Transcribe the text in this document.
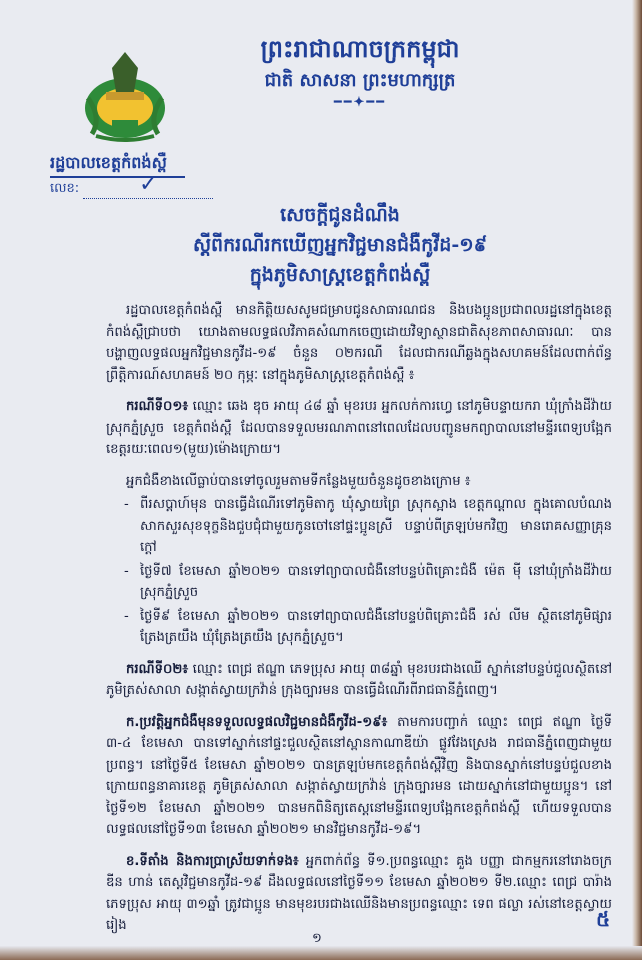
ព្រះរាជាណាចក្រកម្ពុជា
ជាតិ សាសនា ព្រះមហាក្សត្រ
━━✦━━
រដ្ឋបាលខេត្តកំពង់ស្ពឺ
លេខ:	✓
សេចក្តីជូនដំណឹង
ស្តីពីករណីរកឃើញអ្នកវិជ្ជមានជំងឺកូវីដ-១៩
ក្នុងភូមិសាស្ត្រខេត្តកំពង់ស្ពឺ

រដ្ឋបាលខេត្តកំពង់ស្ពឺ មានកិត្តិយសសូមជម្រាបជូនសាធារណជន និងបងប្អូនប្រជាពលរដ្ឋនៅក្នុងខេត្តកំពង់ស្ពឺជ្រាបថា យោងតាមលទ្ធផលវិភាគសំណាកចេញដោយវិទ្យាស្ថានជាតិសុខភាពសាធារណៈ បានបង្ហាញលទ្ធផលអ្នកវិជ្ជមានកូវីដ-១៩ ចំនួន ០២ករណី ដែលជាករណីឆ្លងក្នុងសហគមន៍ដែលពាក់ព័ន្ធព្រឹត្តិការណ៍សហគមន៍ ២០ កុម្ភៈ នៅក្នុងភូមិសាស្ត្រខេត្តកំពង់ស្ពឺ ៖

ករណីទី០១៖ ឈ្មោះ ឆេង ឌុច អាយុ ៤៨ ឆ្នាំ មុខរបរ អ្នកលក់ការហ្វេ នៅភូមិបន្ទាយករា ឃុំក្រាំងដីវ៉ាយ ស្រុកភ្នំស្រួច ខេត្តកំពង់ស្ពឺ ដែលបានទទួលមរណភាពនៅពេលដែលបញ្ជូនមកព្យាបាលនៅមន្ទីរពេទ្យបង្អែកខេត្តរយៈពេល១(មួយ)ម៉ោងក្រោយ។

អ្នកជំងឺខាងលើធ្លាប់បានទៅចូលរួមតាមទីកន្លែងមួយចំនួនដូចខាងក្រោម ៖

- ពីរសប្តាហ៍មុន បានធ្វើដំណើរទៅភូមិតាកូ ឃុំស្វាយព្រៃ ស្រុកស្អាង ខេត្តកណ្តាល ក្នុងគោលបំណងសាកសួរសុខទុក្ខនិងជួបជុំជាមួយកូនចៅនៅផ្ទះប្អូនស្រី បន្ទាប់ពីត្រឡប់មកវិញ មានរោគសញ្ញាគ្រុនក្តៅ
- ថ្ងៃទី៧ ខែមេសា ឆ្នាំ២០២១ បានទៅព្យាបាលជំងឺនៅបន្ទប់ពិគ្រោះជំងឺ ម៉េត ម៉ី នៅឃុំក្រាំងដីវ៉ាយ ស្រុកភ្នំស្រួច
- ថ្ងៃទី៩ ខែមេសា ឆ្នាំ២០២១ បានទៅព្យាបាលជំងឺនៅបន្ទប់ពិគ្រោះជំងឺ រស់ លីម ស្ថិតនៅភូមិផ្សារត្រែងត្រយឹង ឃុំត្រែងត្រយឹង ស្រុកភ្នំស្រួច។

ករណីទី០២៖ ឈ្មោះ ពេជ្រ ឥណ្ឌា ភេទប្រុស អាយុ ៣៨ឆ្នាំ មុខរបរជាងឈើ ស្នាក់នៅបន្ទប់ជួលស្ថិតនៅភូមិត្រស់សាលា សង្កាត់ស្វាយក្រវ៉ាន់ ក្រុងច្បារមន បានធ្វើដំណើរពីរាជធានីភ្នំពេញ។

ក.ប្រវត្តិអ្នកជំងឺមុនទទួលលទ្ធផលវិជ្ជមានជំងឺកូវីដ-១៩៖ តាមការបញ្ជាក់ ឈ្មោះ ពេជ្រ ឥណ្ឌា ថ្ងៃទី ៣-៤ ខែមេសា បានទៅស្នាក់នៅផ្ទះជួលស្ថិតនៅស្ពានកាណាឌីយ៉ា ផ្លូវវែងស្រេង រាជធានីភ្នំពេញជាមួយប្រពន្ធ។ នៅថ្ងៃទី៥ ខែមេសា ឆ្នាំ២០២១ បានត្រឡប់មកខេត្តកំពង់ស្ពឺវិញ និងបានស្នាក់នៅបន្ទប់ជួលខាងក្រោយពន្ធនាគារខេត្ត ភូមិត្រស់សាលា សង្កាត់ស្វាយក្រវ៉ាន់ ក្រុងច្បារមន ដោយស្នាក់នៅជាមួយប្អូន។ នៅថ្ងៃទី១២ ខែមេសា ឆ្នាំ២០២១ បានមកពិនិត្យតេស្តនៅមន្ទីរពេទ្យបង្អែកខេត្តកំពង់ស្ពឺ ហើយទទួលបានលទ្ធផលនៅថ្ងៃទី១៣ ខែមេសា ឆ្នាំ២០២១ មានវិជ្ជមានកូវីដ-១៩។

ខ.ទីតាំង និងការប្រាស្រ័យទាក់ទង៖ អ្នកពាក់ព័ន្ធ ទី១.ប្រពន្ធឈ្មោះ គួង បញ្ញា ជាកម្មករនៅរោងចក្រ ឌីន ហាន់ តេស្តវិជ្ជមានកូវីដ-១៩ ដឹងលទ្ធផលនៅថ្ងៃទី១១ ខែមេសា ឆ្នាំ២០២១ ទី២.ឈ្មោះ ពេជ្រ បារ៉ាង ភេទប្រុស អាយុ ៣១ឆ្នាំ ត្រូវជាប្អូន មានមុខរបរជាងឈើនិងមានប្រពន្ធឈ្មោះ ទេព ផល្លា រស់នៅខេត្តស្វាយរៀង

១
៥
